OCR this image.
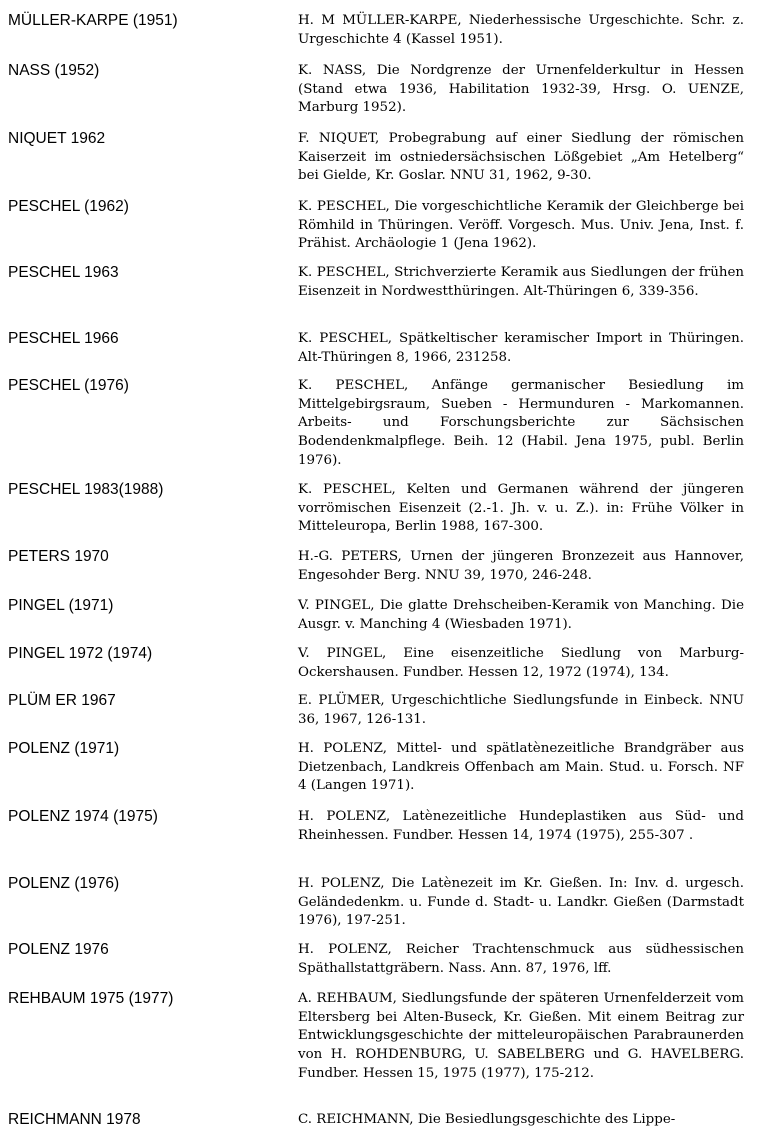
MÜLLER-KARPE (1951)	H. M MÜLLER-KARPE, Niederhessische Urgeschichte. Schr. z. Urgeschichte 4 (Kassel 1951).
NASS (1952)	K. NASS, Die Nordgrenze der Urnenfelderkultur in Hessen (Stand etwa 1936, Habilitation 1932-39, Hrsg. O. UENZE, Marburg 1952).
NIQUET 1962	F. NIQUET, Probegrabung auf einer Siedlung der römischen Kaiserzeit im ostniedersächsischen Lößgebiet „Am Hetelberg“ bei Gielde, Kr. Goslar. NNU 31, 1962, 9-30.
PESCHEL (1962)	K. PESCHEL, Die vorgeschichtliche Keramik der Gleichberge bei Römhild in Thüringen. Veröff. Vorgesch. Mus. Univ. Jena, Inst. f. Prähist. Archäologie 1 (Jena 1962).
PESCHEL 1963	K. PESCHEL, Strichverzierte Keramik aus Siedlungen der frühen Eisenzeit in Nordwestthüringen. Alt-Thüringen 6, 339-356.
PESCHEL 1966	K. PESCHEL, Spätkeltischer keramischer Import in Thüringen. Alt-Thüringen 8, 1966, 231258.
PESCHEL (1976)	K. PESCHEL, Anfänge germanischer Besiedlung im Mittelgebirgsraum, Sueben - Hermunduren - Markomannen. Arbeits- und Forschungsberichte zur Sächsischen Bodendenkmalpflege. Beih. 12 (Habil. Jena 1975, publ. Berlin 1976).
PESCHEL 1983(1988)	K. PESCHEL, Kelten und Germanen während der jüngeren vorrömischen Eisenzeit (2.-1. Jh. v. u. Z.). in: Frühe Völker in Mitteleuropa, Berlin 1988, 167-300.
PETERS 1970	H.-G. PETERS, Urnen der jüngeren Bronzezeit aus Hannover, Engesohder Berg. NNU 39, 1970, 246-248.
PINGEL (1971)	V. PINGEL, Die glatte Drehscheiben-Keramik von Manching. Die Ausgr. v. Manching 4 (Wiesbaden 1971).
PINGEL 1972 (1974)	V. PINGEL, Eine eisenzeitliche Siedlung von Marburg-Ockershausen. Fundber. Hessen 12, 1972 (1974), 134.
PLÜM ER 1967	E. PLÜMER, Urgeschichtliche Siedlungsfunde in Einbeck. NNU 36, 1967, 126-131.
POLENZ (1971)	H. POLENZ, Mittel- und spätlatènezeitliche Brandgräber aus Dietzenbach, Landkreis Offenbach am Main. Stud. u. Forsch. NF 4 (Langen 1971).
POLENZ 1974 (1975)	H. POLENZ, Latènezeitliche Hundeplastiken aus Süd- und Rheinhessen. Fundber. Hessen 14, 1974 (1975), 255-307 .
POLENZ (1976)	H. POLENZ, Die Latènezeit im Kr. Gießen. In: Inv. d. urgesch. Geländedenkm. u. Funde d. Stadt- u. Landkr. Gießen (Darmstadt 1976), 197-251.
POLENZ 1976	H. POLENZ, Reicher Trachtenschmuck aus südhessischen Späthallstattgräbern. Nass. Ann. 87, 1976, lff.
REHBAUM 1975 (1977)	A. REHBAUM, Siedlungsfunde der späteren Urnenfelderzeit vom Eltersberg bei Alten-Buseck, Kr. Gießen. Mit einem Beitrag zur Entwicklungsgeschichte der mitteleuropäischen Parabraunerden von H. ROHDENBURG, U. SABELBERG und G. HAVELBERG. Fundber. Hessen 15, 1975 (1977), 175-212.
REICHMANN 1978	C. REICHMANN, Die Besiedlungsgeschichte des Lippe-
